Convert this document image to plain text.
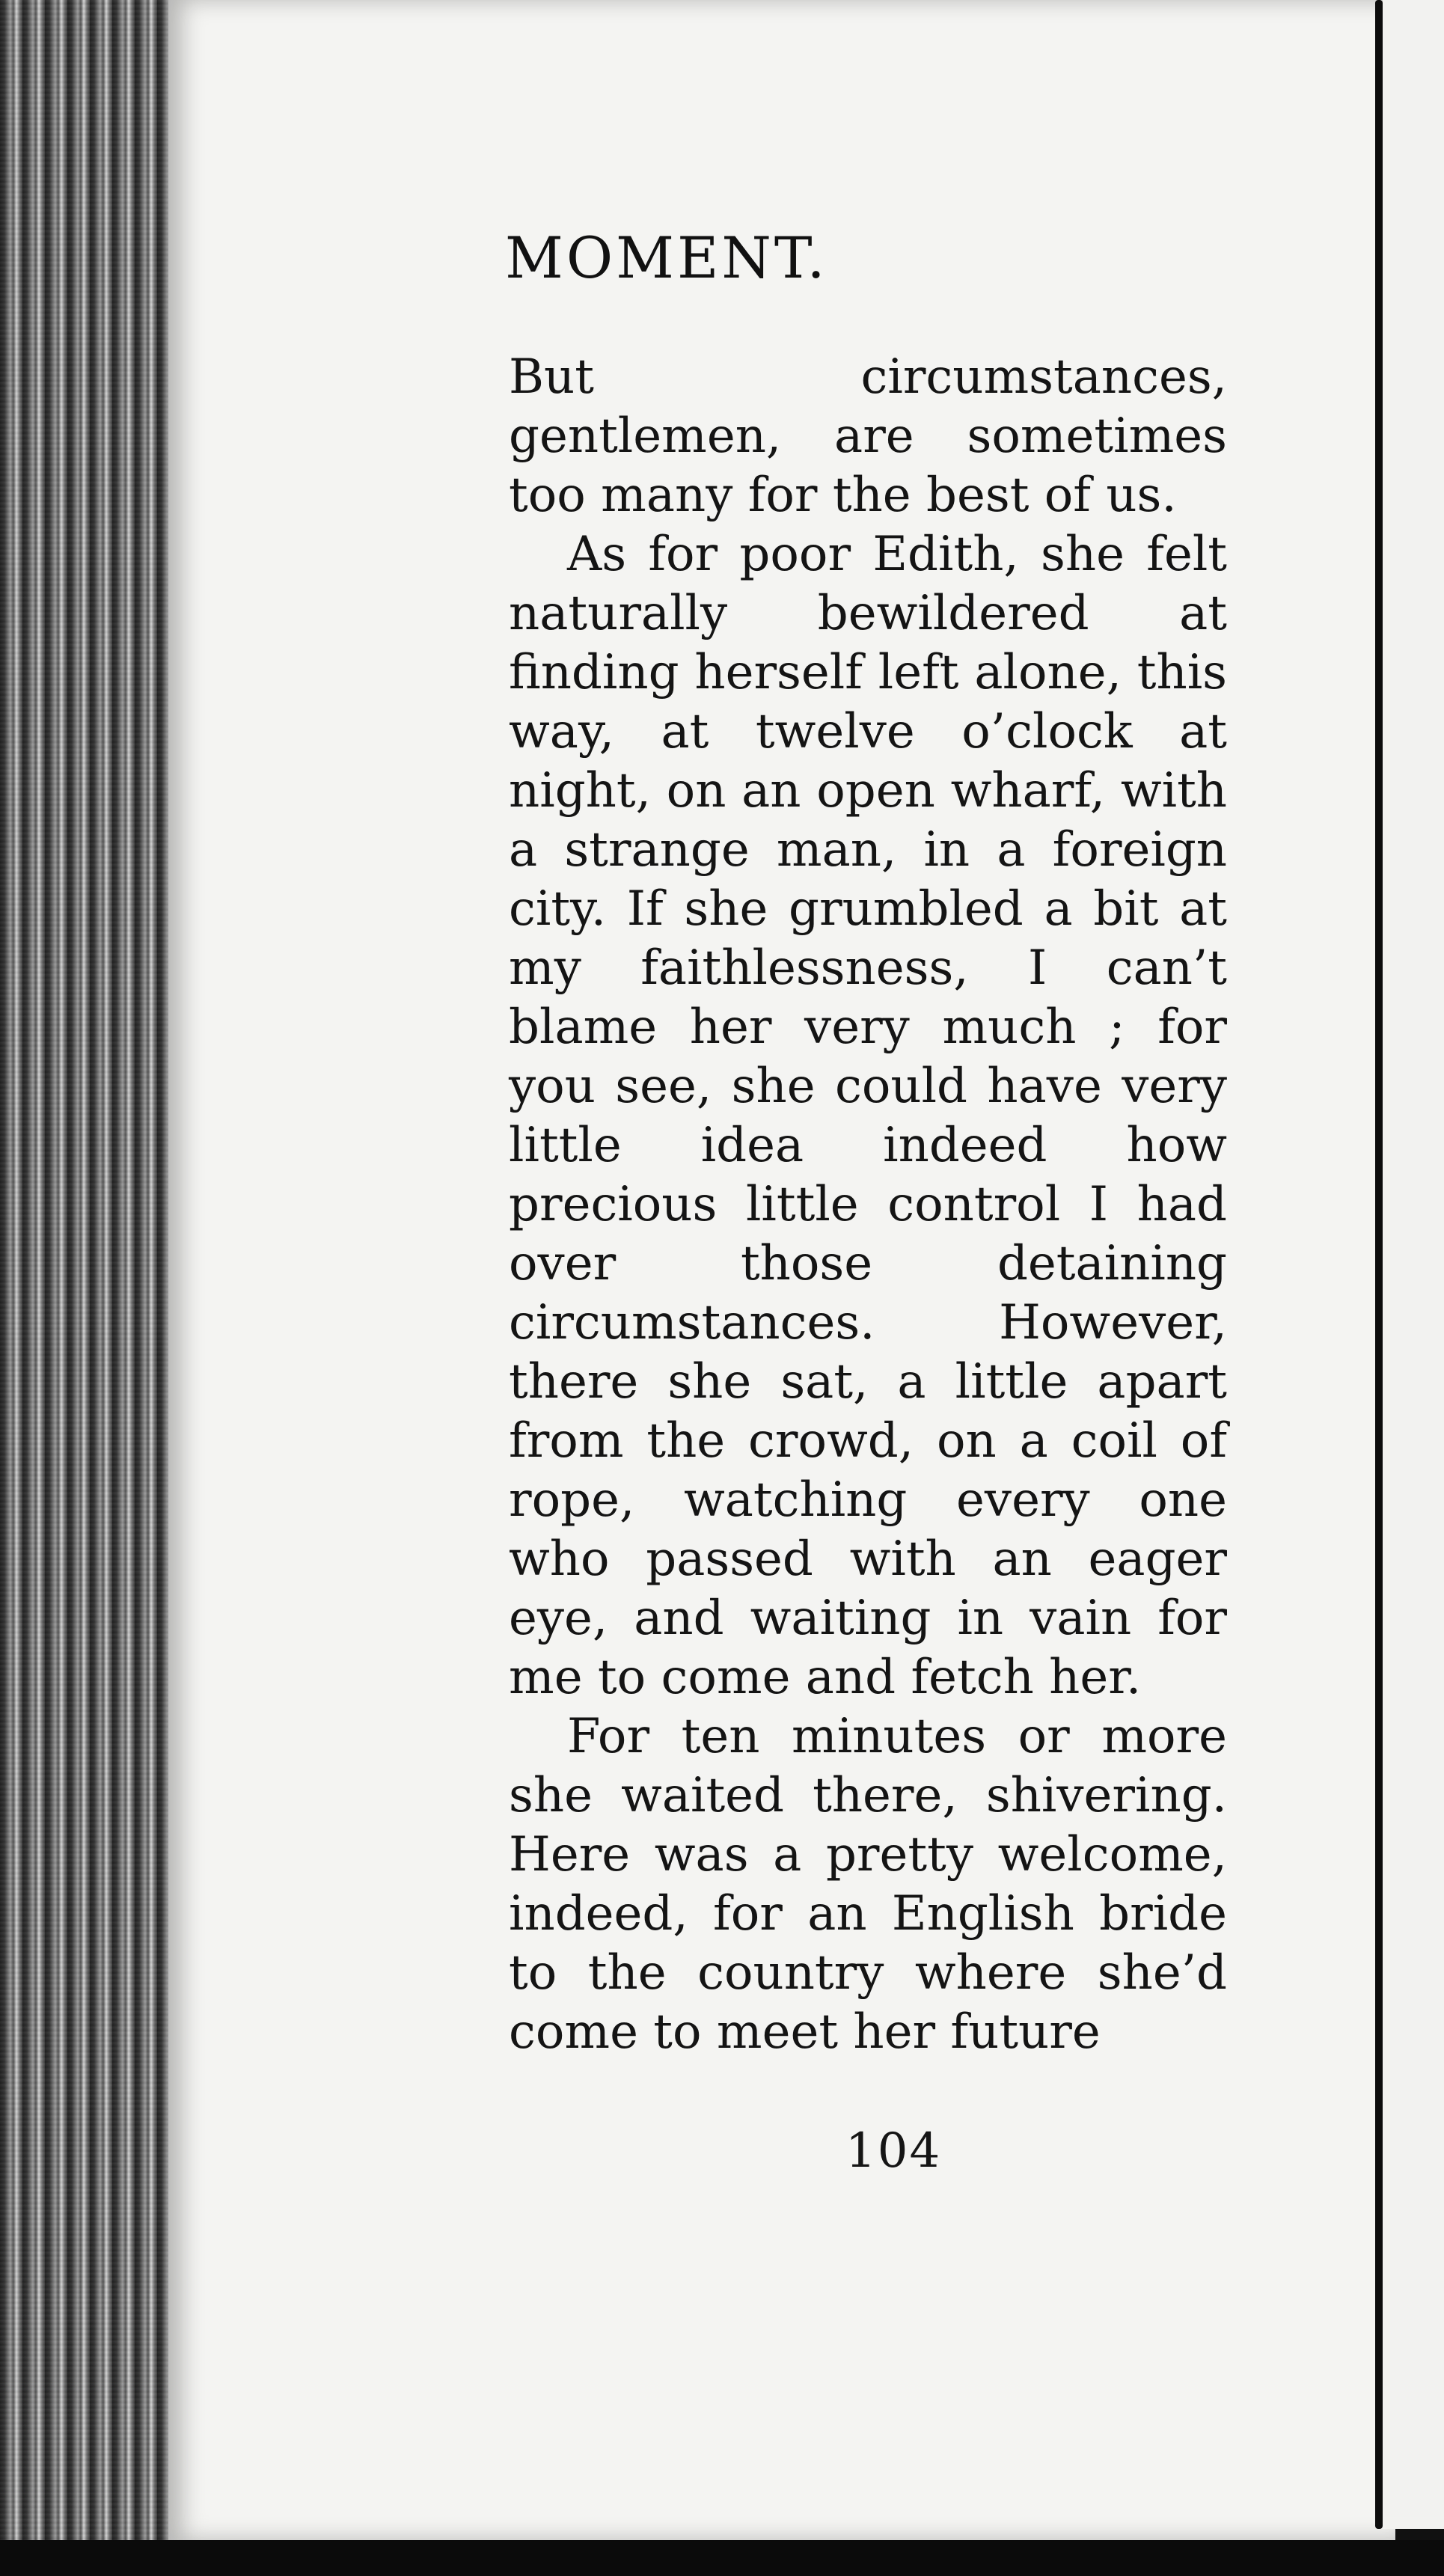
MOMENT.

But circumstances, gentlemen, are sometimes too many for the best of us.

As for poor Edith, she felt naturally bewildered at finding herself left alone, this way, at twelve o’clock at night, on an open wharf, with a strange man, in a foreign city. If she grumbled a bit at my faithlessness, I can’t blame her very much ; for you see, she could have very little idea indeed how precious little control I had over those detaining circumstances. However, there she sat, a little apart from the crowd, on a coil of rope, watching every one who passed with an eager eye, and waiting in vain for me to come and fetch her.

For ten minutes or more she waited there, shivering. Here was a pretty welcome, indeed, for an English bride to the country where she’d come to meet her future

104
